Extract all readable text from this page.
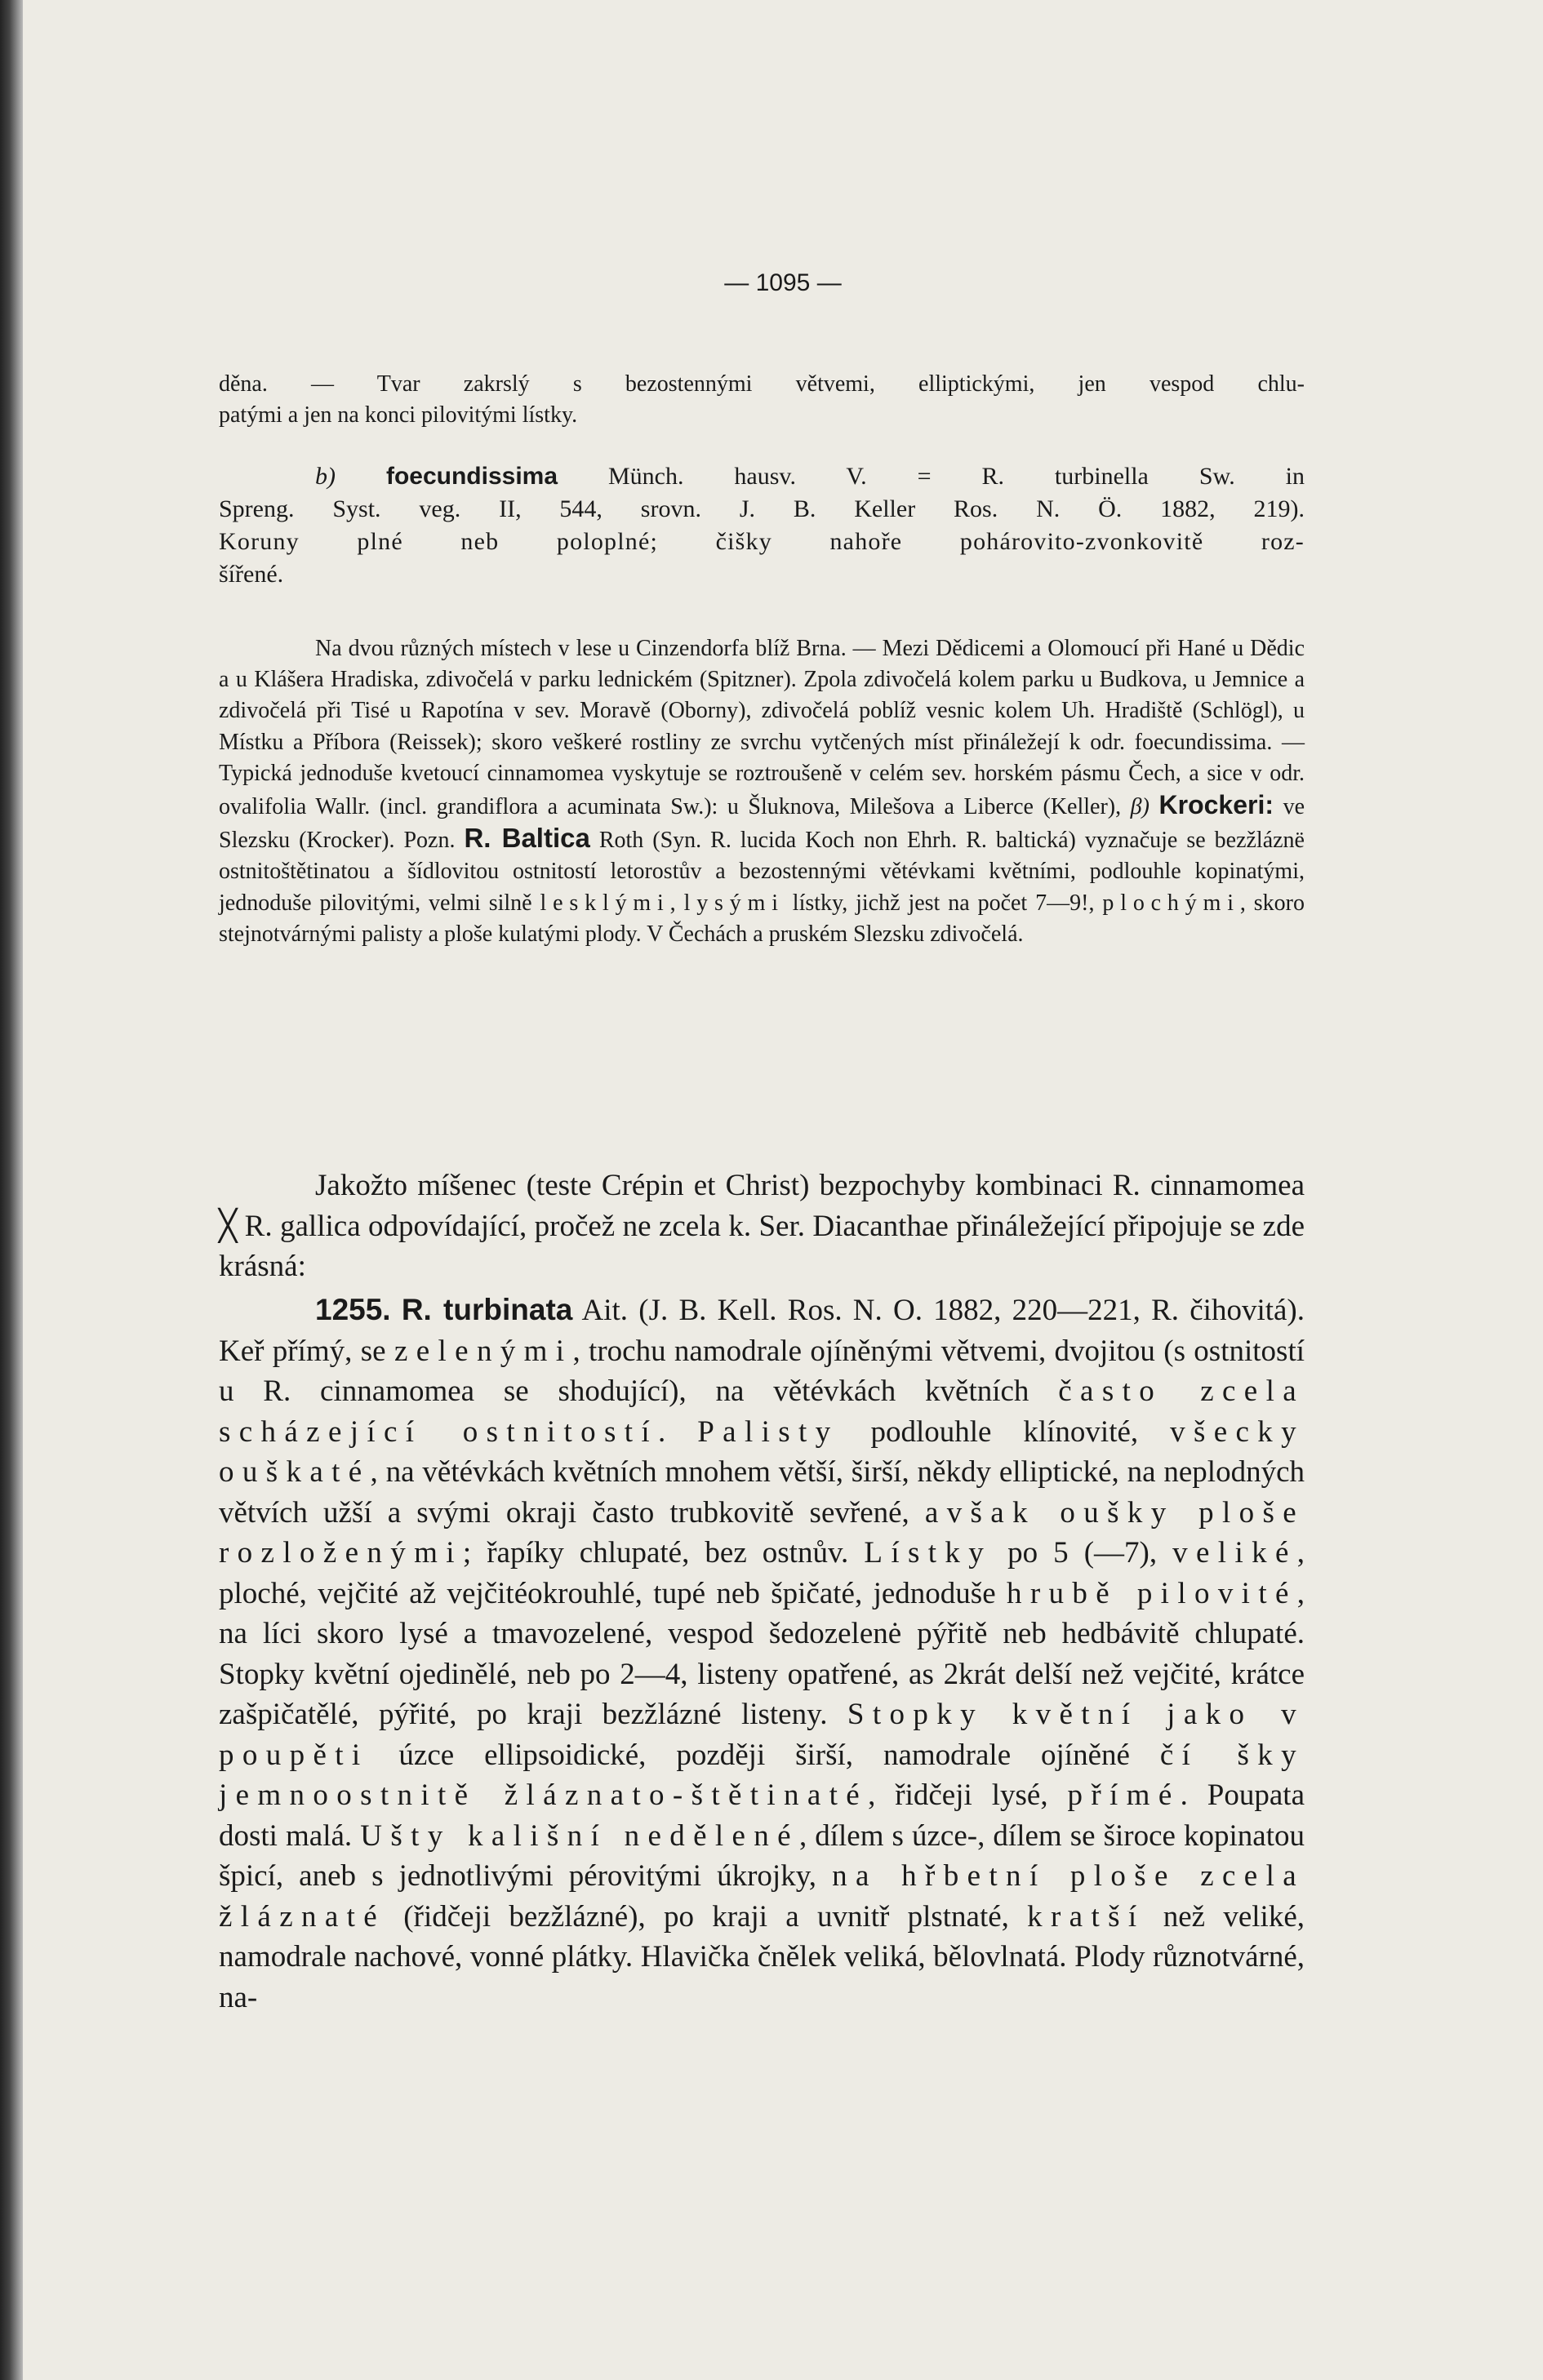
— 1095 —

děna. — Tvar zakrslý s bezostennými větvemi, elliptickými, jen vespod chlu-

patými a jen na konci pilovitými lístky.

b) foecundissima Münch. hausv. V. = R. turbinella Sw. in

Spreng. Syst. veg. II, 544, srovn. J. B. Keller Ros. N. Ö. 1882, 219).

Koruny plné neb poloplné; čišky nahoře pohárovito-zvonkovitě roz-

šířené.

Na dvou různých místech v lese u Cinzendorfa blíž Brna. — Mezi Dědicemi a Olomoucí při Hané u Dědic a u Klášera Hradiska, zdivočelá v parku lednickém (Spitzner). Zpola zdivočelá kolem parku u Budkova, u Jemnice a zdivočelá při Tisé u Rapotína v sev. Moravě (Oborny), zdivočelá poblíž vesnic kolem Uh. Hradiště (Schlögl), u Místku a Příbora (Reissek); skoro veškeré rostliny ze svrchu vytčených míst přináležejí k odr. foecundissima. — Typická jednoduše kvetoucí cinnamomea vyskytuje se roztroušeně v celém sev. horském pásmu Čech, a sice v odr. ovalifolia Wallr. (incl. grandiflora a acuminata Sw.): u Šluknova, Milešova a Liberce (Keller), β) Krockeri: ve Slezsku (Krocker). Pozn. R. Baltica Roth (Syn. R. lucida Koch non Ehrh. R. baltická) vyznačuje se bezžláznë ostnitoštětinatou a šídlovitou ostnitostí letorostův a bezostennými větévkami květními, podlouhle kopinatými, jednoduše pilovitými, velmi silně lesklými, lysými lístky, jichž jest na počet 7—9!, plochými, skoro stejnotvárnými palisty a ploše kulatými plody. V Čechách a pruském Slezsku zdivočelá.

Jakožto míšenec (teste Crépin et Christ) bezpochyby kombinaci R. cinnamomea ╳ R. gallica odpovídající, pročež ne zcela k. Ser. Diacanthae přináležející připojuje se zde krásná:

1255. R. turbinata Ait. (J. B. Kell. Ros. N. O. 1882, 220—221, R. čihovitá). Keř přímý, se zelenými, trochu namodrale ojíněnými větvemi, dvojitou (s ostnitostí u R. cinnamomea se shodující), na větévkách květních často zcela scházející ostnitostí. Palisty podlouhle klínovité, všecky ouškaté, na větévkách květních mnohem větší, širší, někdy elliptické, na neplodných větvích užší a svými okraji často trubkovitě sevřené, avšak oušky ploše rozloženými; řapíky chlupaté, bez ostnův. Lístky po 5 (—7), veliké, ploché, vejčité až vejčitéokrouhlé, tupé neb špičaté, jednoduše hrubě pilovité, na líci skoro lysé a tmavozelené, vespod šedozelenė pýřitě neb hedbávitě chlupaté. Stopky květní ojedinělé, neb po 2—4, listeny opatřené, as 2krát delší než vejčité, krátce zašpičatělé, pýřité, po kraji bezžlázné listeny. Stopky květní jako v poupěti úzce ellipsoidické, později širší, namodrale ojíněné čí šky jemnoostnitě žláznato-štětinaté, řidčeji lysé, přímé. Poupata dosti malá. Ušty kališní nedělené, dílem s úzce-, dílem se široce kopinatou špicí, aneb s jednotlivými pérovitými úkrojky, na hřbetní ploše zcela žláznaté (řidčeji bezžlázné), po kraji a uvnitř plstnaté, kratší než veliké, namodrale nachové, vonné plátky. Hlavička čnělek veliká, bělovlnatá. Plody různotvárné, na-
